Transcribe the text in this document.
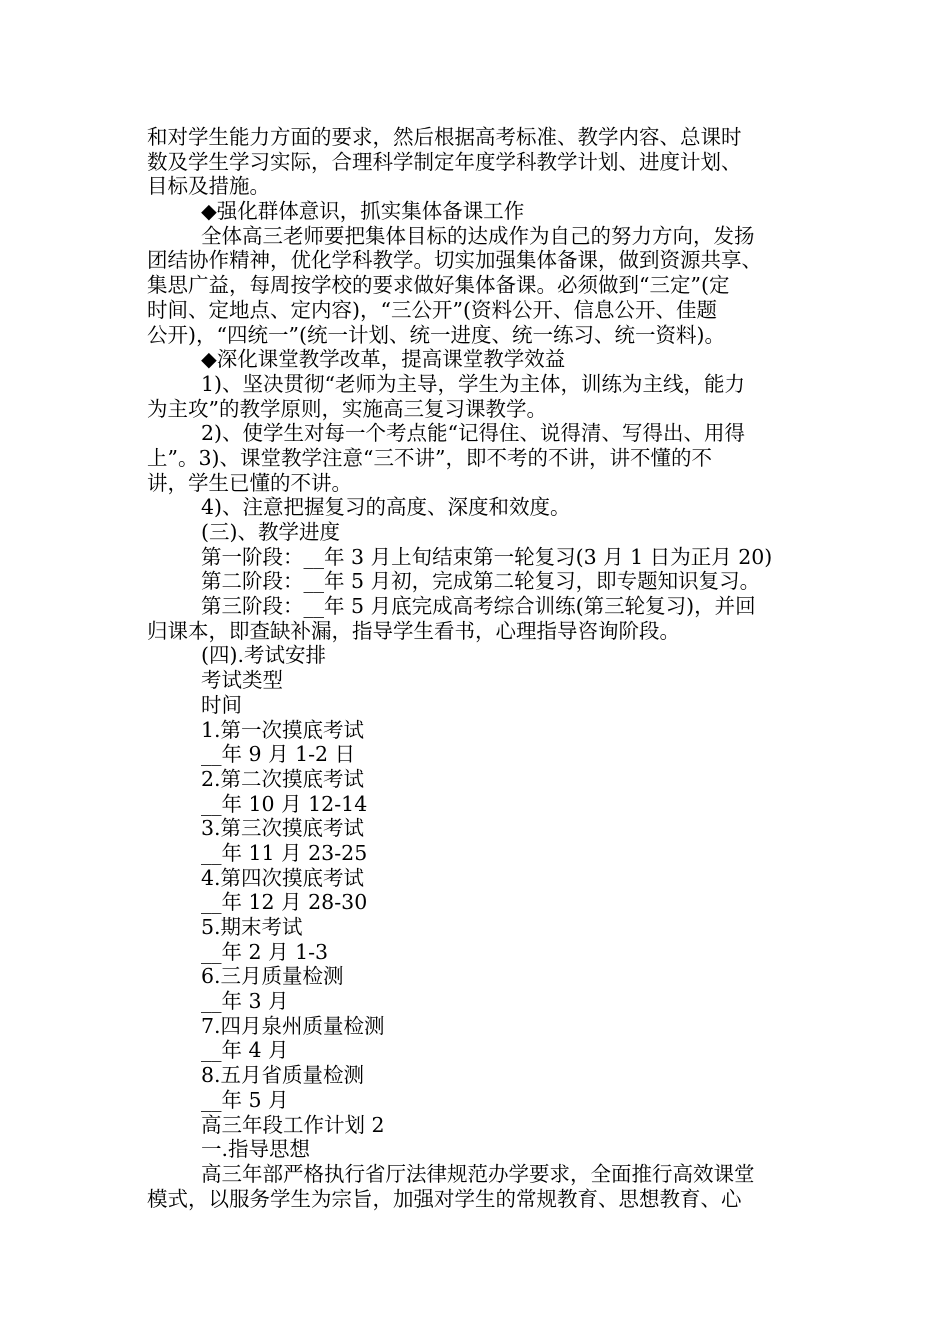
和对学生能力方面的要求，然后根据高考标准、教学内容、总课时
数及学生学习实际，合理科学制定年度学科教学计划、进度计划、
目标及措施。
◆强化群体意识，抓实集体备课工作
全体高三老师要把集体目标的达成作为自己的努力方向，发扬
团结协作精神，优化学科教学。切实加强集体备课，做到资源共享、
集思广益，每周按学校的要求做好集体备课。必须做到“三定”(定
时间、定地点、定内容)，“三公开”(资料公开、信息公开、佳题
公开)，“四统一”(统一计划、统一进度、统一练习、统一资料)。
◆深化课堂教学改革，提高课堂教学效益
1)、坚决贯彻“老师为主导，学生为主体，训练为主线，能力
为主攻”的教学原则，实施高三复习课教学。
2)、使学生对每一个考点能“记得住、说得清、写得出、用得
上”。3)、课堂教学注意“三不讲”，即不考的不讲，讲不懂的不
讲，学生已懂的不讲。
4)、注意把握复习的高度、深度和效度。
(三)、教学进度
第一阶段：__年 3 月上旬结束第一轮复习(3 月 1 日为正月 20)
第二阶段：__年 5 月初，完成第二轮复习，即专题知识复习。
第三阶段：__年 5 月底完成高考综合训练(第三轮复习)，并回
归课本，即查缺补漏，指导学生看书，心理指导咨询阶段。
(四).考试安排
考试类型
时间
1.第一次摸底考试
__年 9 月 1-2 日
2.第二次摸底考试
__年 10 月 12-14
3.第三次摸底考试
__年 11 月 23-25
4.第四次摸底考试
__年 12 月 28-30
5.期末考试
__年 2 月 1-3
6.三月质量检测
__年 3 月
7.四月泉州质量检测
__年 4 月
8.五月省质量检测
__年 5 月
高三年段工作计划 2
一.指导思想
高三年部严格执行省厅法律规范办学要求，全面推行高效课堂
模式，以服务学生为宗旨，加强对学生的常规教育、思想教育、心
